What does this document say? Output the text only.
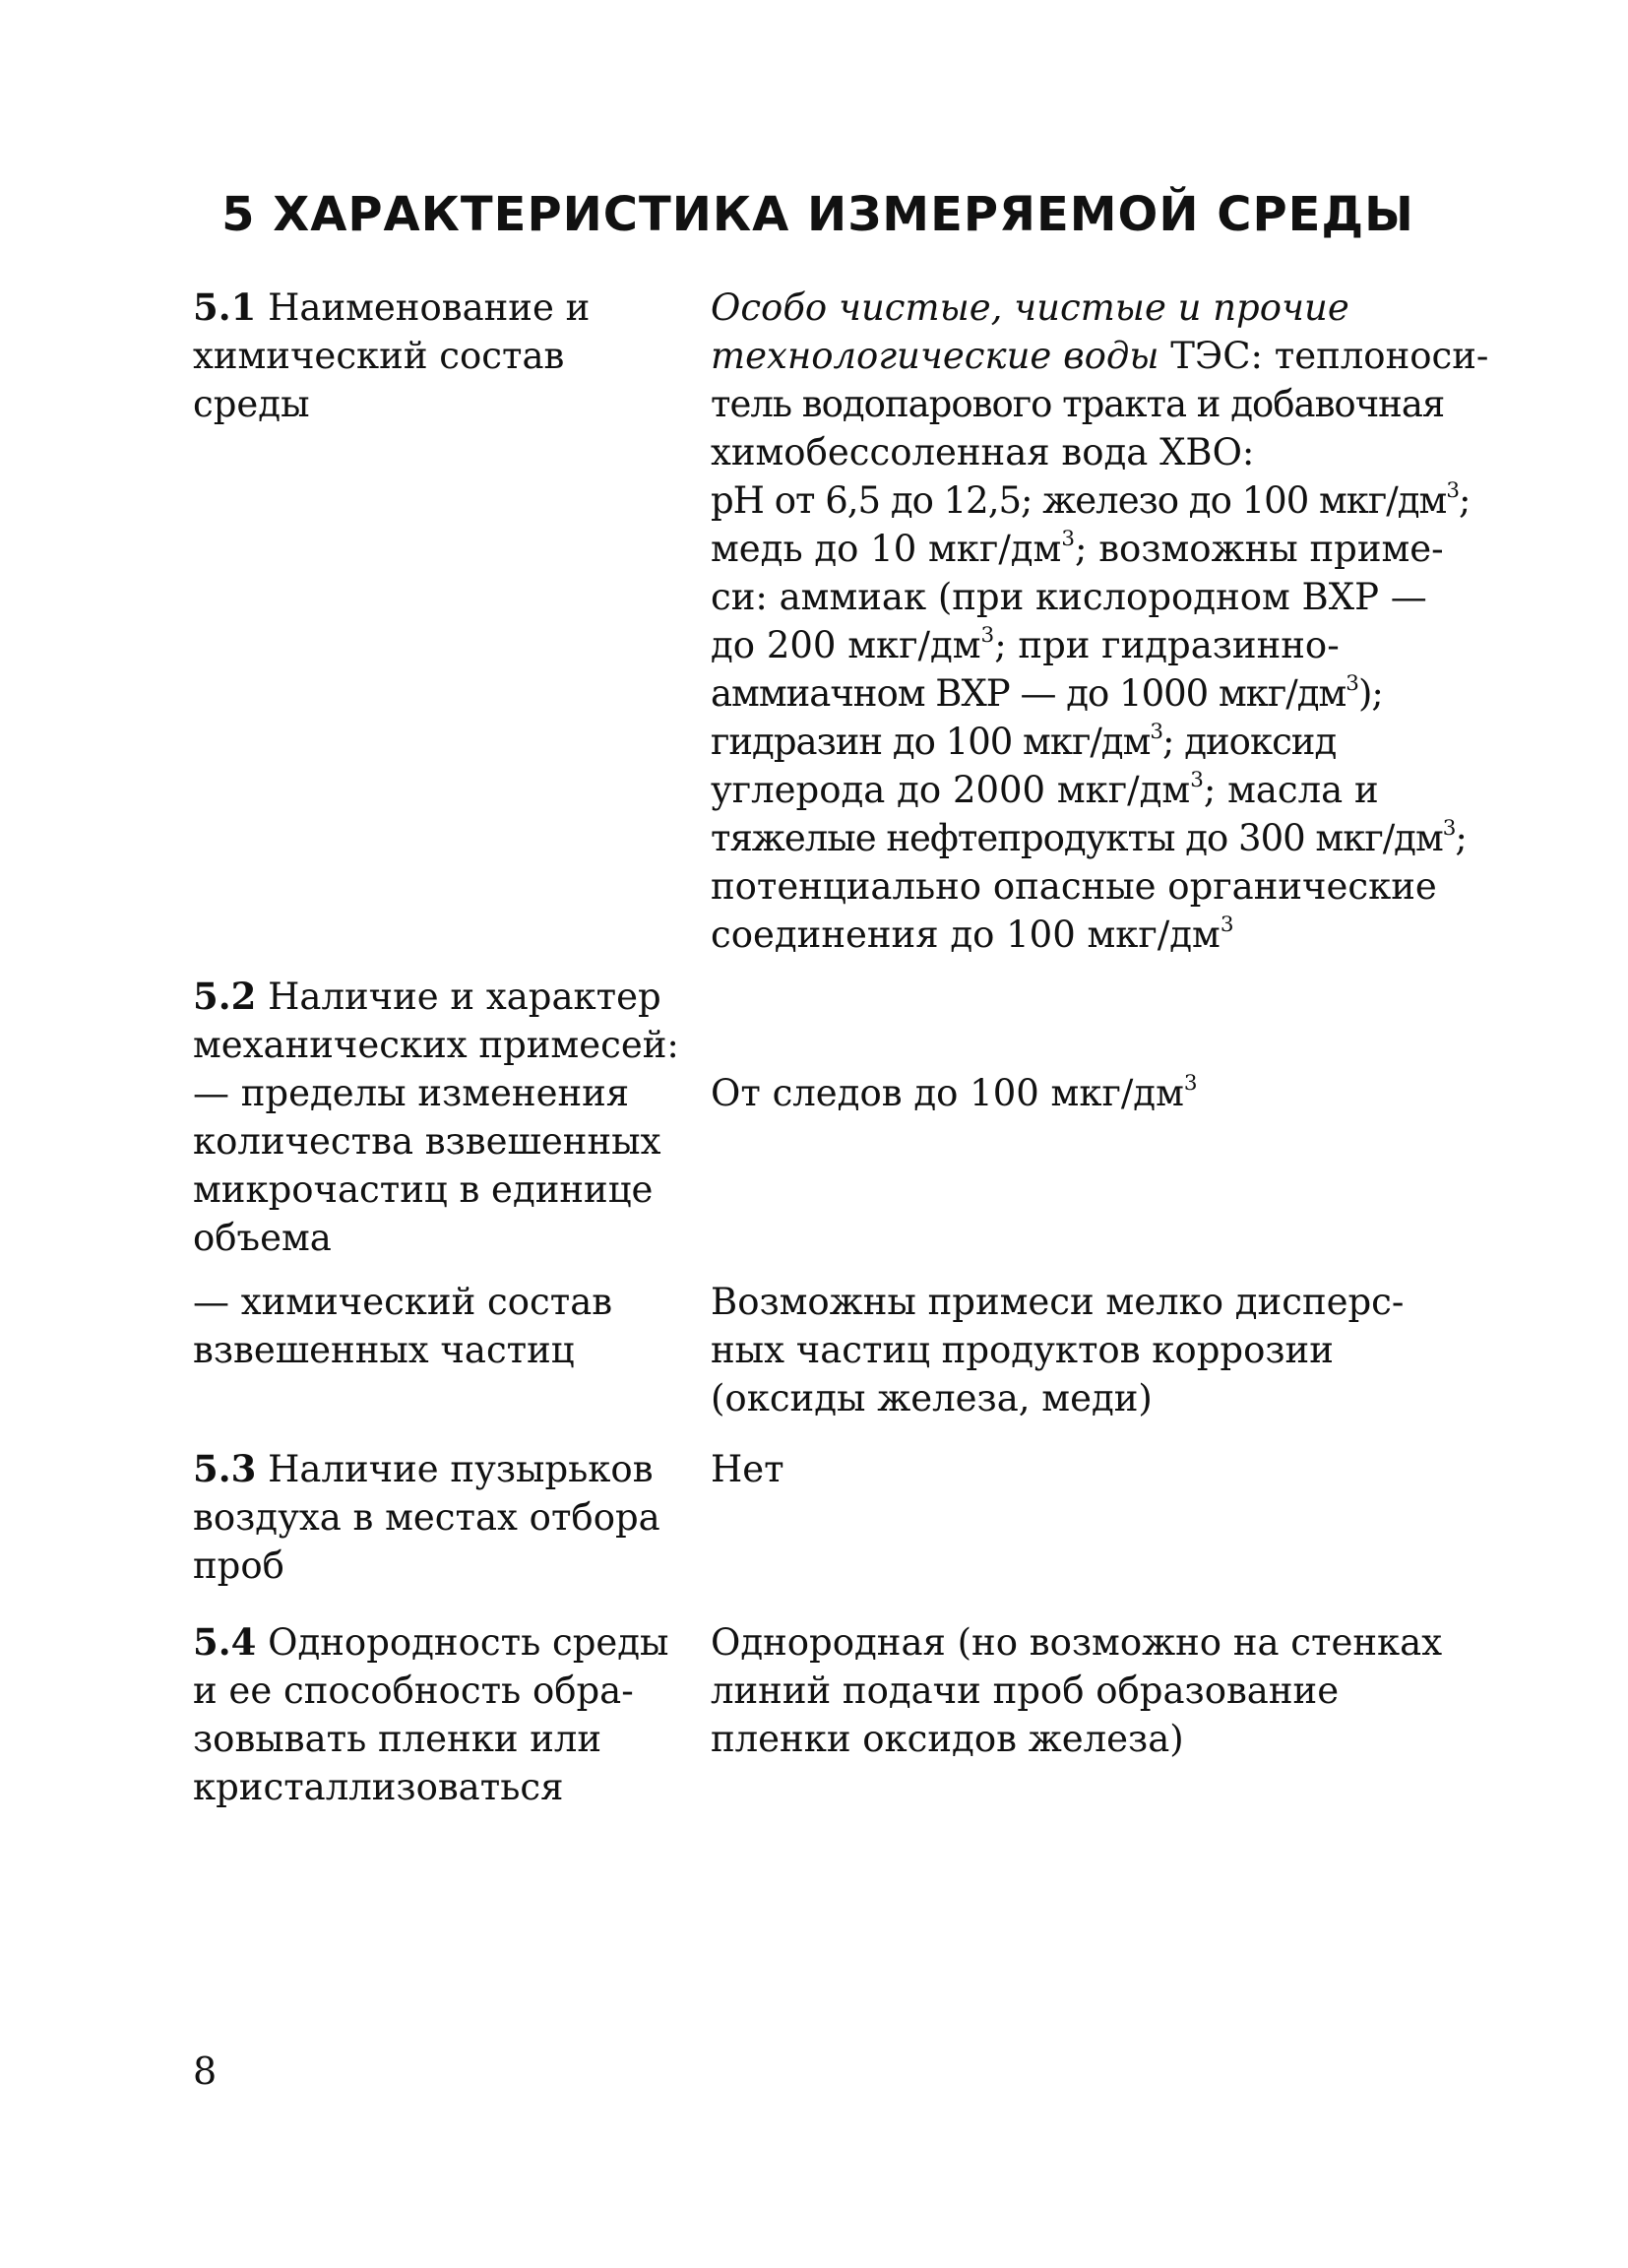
5 ХАРАКТЕРИСТИКА ИЗМЕРЯЕМОЙ СРЕДЫ
5.1 Наименование и
химический состав
среды
Особо чистые, чистые и прочие
технологические воды ТЭС: теплоноси-
тель водопарового тракта и добавочная
химобессоленная вода ХВО:
pH от 6,5 до 12,5; железо до 100 мкг/$дм^3$;
медь до 10 мкг/$дм^3$; возможны приме-
си: аммиак (при кислородном ВХР —
до 200 мкг/$дм^3$; при гидразинно-
аммиачном ВХР — до 1000 мкг/$дм^3$);
гидразин до 100 мкг/$дм^3$; диоксид
углерода до 2000 мкг/$дм^3$; масла и
тяжелые нефтепродукты до 300 мкг/$дм^3$;
потенциально опасные органические
соединения до 100 мкг/$дм^3$
5.2 Наличие и характер
механических примесей:
— пределы изменения
количества взвешенных
микрочастиц в единице
объема
От следов до 100 мкг/$дм^3$
— химический состав
взвешенных частиц
Возможны примеси мелко дисперс-
ных частиц продуктов коррозии
(оксиды железа, меди)
5.3 Наличие пузырьков
воздуха в местах отбора
проб
Нет
5.4 Однородность среды
и ее способность обра-
зовывать пленки или
кристаллизоваться
Однородная (но возможно на стенках
линий подачи проб образование
пленки оксидов железа)
8
